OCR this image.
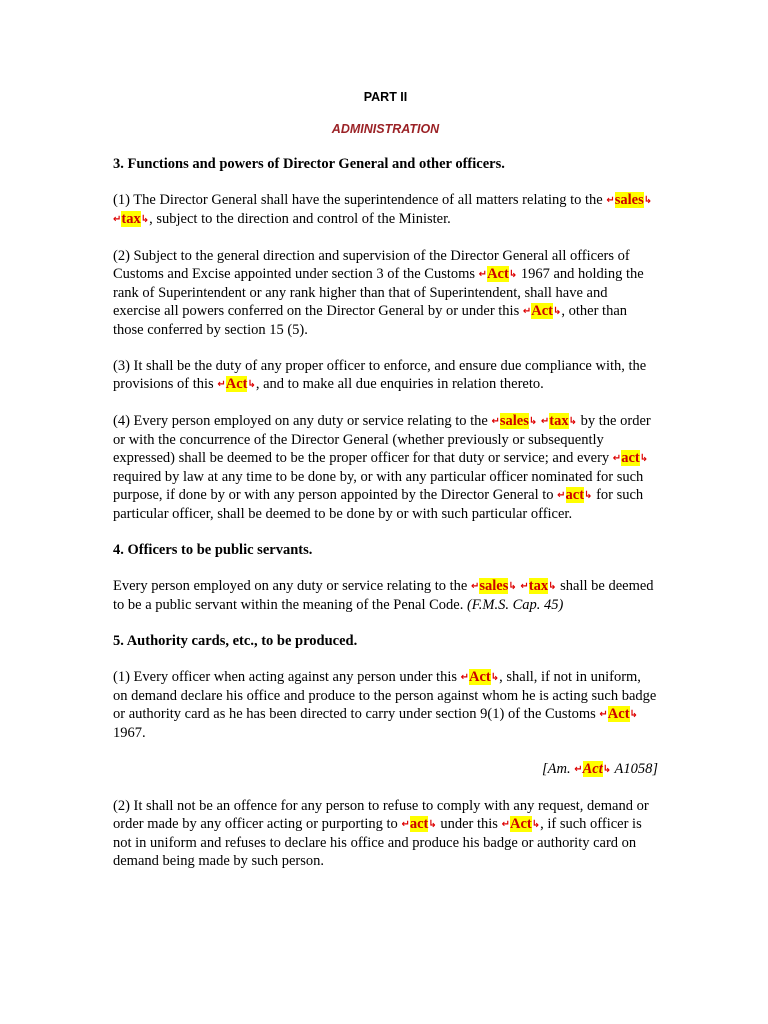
PART II
ADMINISTRATION
3. Functions and powers of Director General and other officers.
(1) The Director General shall have the superintendence of all matters relating to the ↵sales↳ ↵tax↳, subject to the direction and control of the Minister.
(2) Subject to the general direction and supervision of the Director General all officers of Customs and Excise appointed under section 3 of the Customs ↵Act↳ 1967 and holding the rank of Superintendent or any rank higher than that of Superintendent, shall have and exercise all powers conferred on the Director General by or under this ↵Act↳, other than those conferred by section 15 (5).
(3) It shall be the duty of any proper officer to enforce, and ensure due compliance with, the provisions of this ↵Act↳, and to make all due enquiries in relation thereto.
(4) Every person employed on any duty or service relating to the ↵sales↳ ↵tax↳ by the order or with the concurrence of the Director General (whether previously or subsequently expressed) shall be deemed to be the proper officer for that duty or service; and every ↵act↳ required by law at any time to be done by, or with any particular officer nominated for such purpose, if done by or with any person appointed by the Director General to ↵act↳ for such particular officer, shall be deemed to be done by or with such particular officer.
4. Officers to be public servants.
Every person employed on any duty or service relating to the ↵sales↳ ↵tax↳ shall be deemed to be a public servant within the meaning of the Penal Code. (F.M.S. Cap. 45)
5. Authority cards, etc., to be produced.
(1) Every officer when acting against any person under this ↵Act↳, shall, if not in uniform, on demand declare his office and produce to the person against whom he is acting such badge or authority card as he has been directed to carry under section 9(1) of the Customs ↵Act↳ 1967.
[Am. ↵Act↳ A1058]
(2) It shall not be an offence for any person to refuse to comply with any request, demand or order made by any officer acting or purporting to ↵act↳ under this ↵Act↳, if such officer is not in uniform and refuses to declare his office and produce his badge or authority card on demand being made by such person.
